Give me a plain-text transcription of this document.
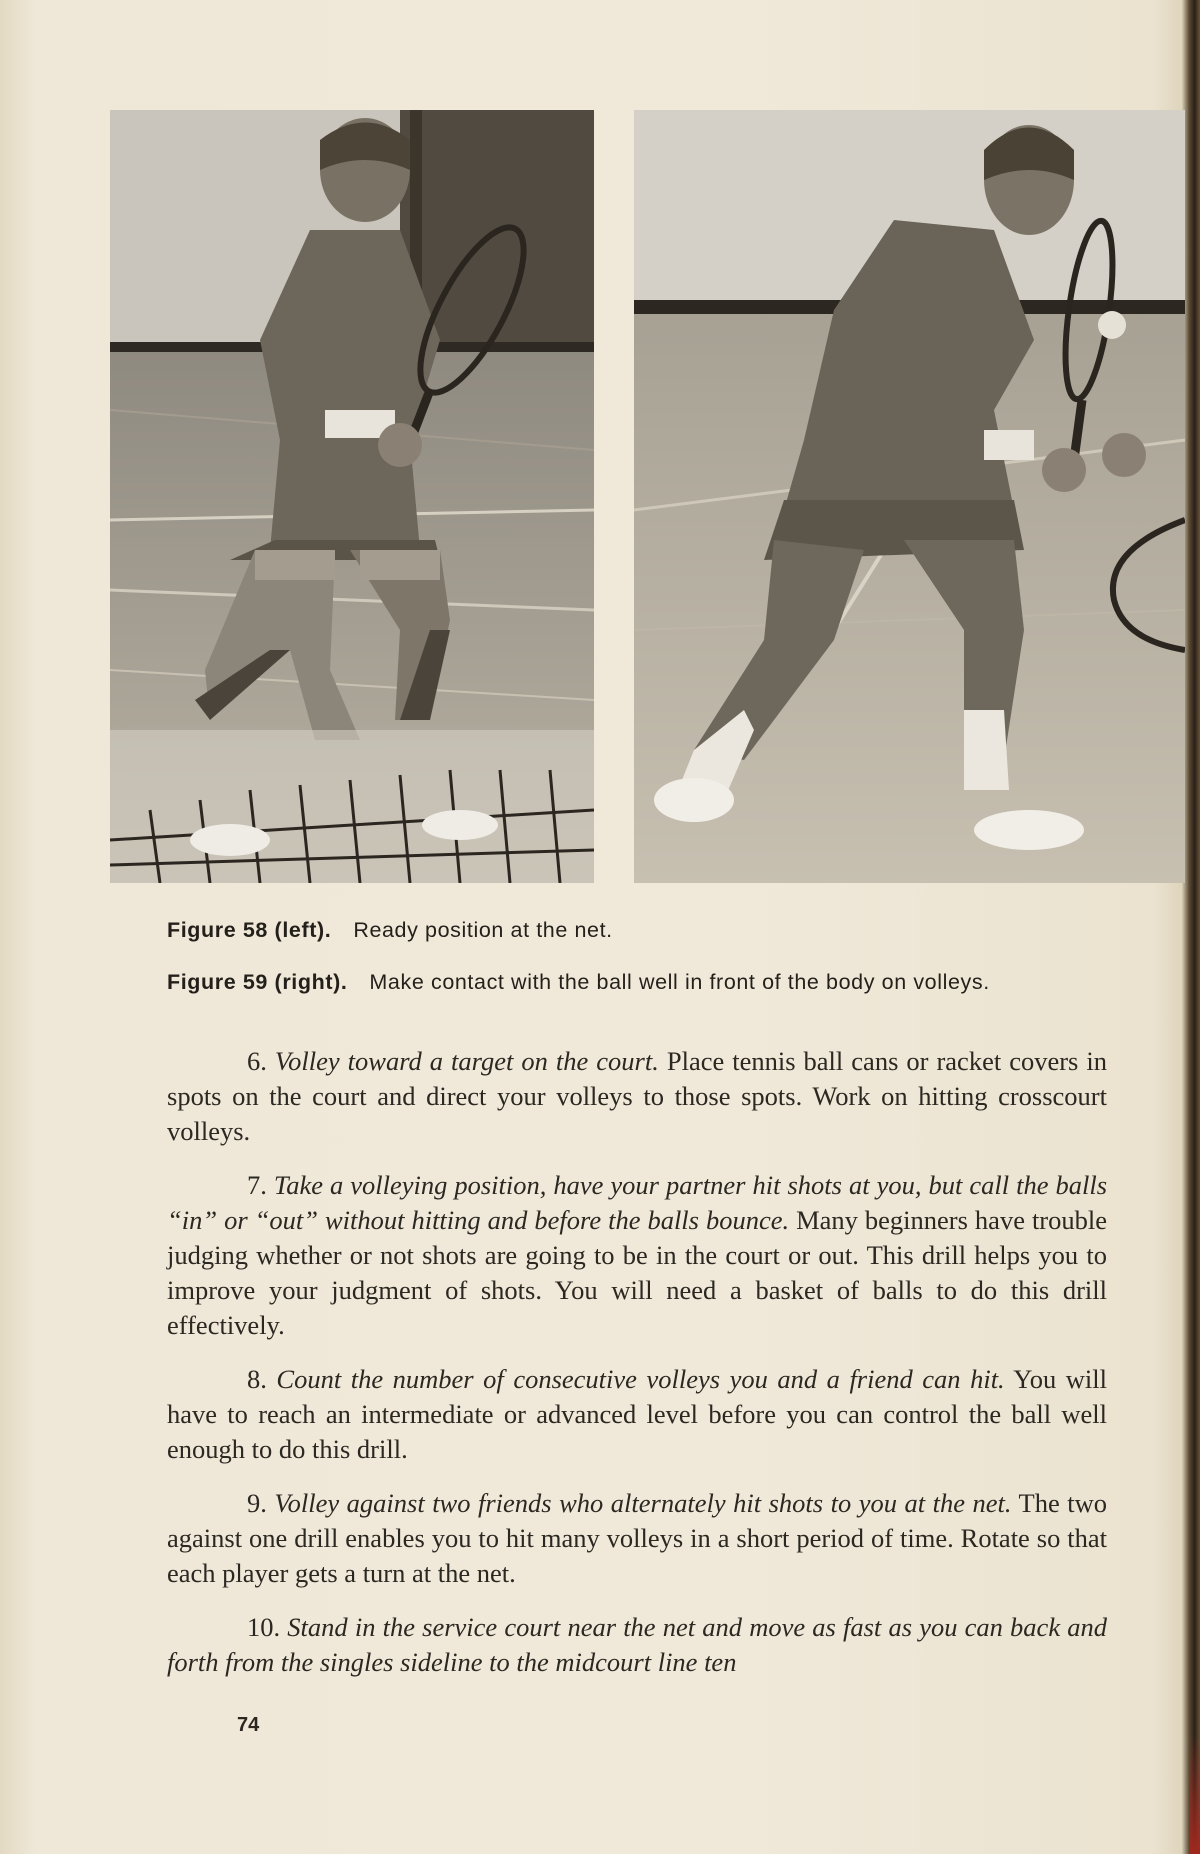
Figure 58 (left). Ready position at the net.
Figure 59 (right). Make contact with the ball well in front of the body on volleys.

6. Volley toward a target on the court. Place tennis ball cans or racket covers in spots on the court and direct your volleys to those spots. Work on hitting crosscourt volleys.

7. Take a volleying position, have your partner hit shots at you, but call the balls “in” or “out” without hitting and before the balls bounce. Many beginners have trouble judging whether or not shots are going to be in the court or out. This drill helps you to improve your judgment of shots. You will need a basket of balls to do this drill effectively.

8. Count the number of consecutive volleys you and a friend can hit. You will have to reach an intermediate or advanced level before you can control the ball well enough to do this drill.

9. Volley against two friends who alternately hit shots to you at the net. The two against one drill enables you to hit many volleys in a short period of time. Rotate so that each player gets a turn at the net.

10. Stand in the service court near the net and move as fast as you can back and forth from the singles sideline to the midcourt line ten

74
